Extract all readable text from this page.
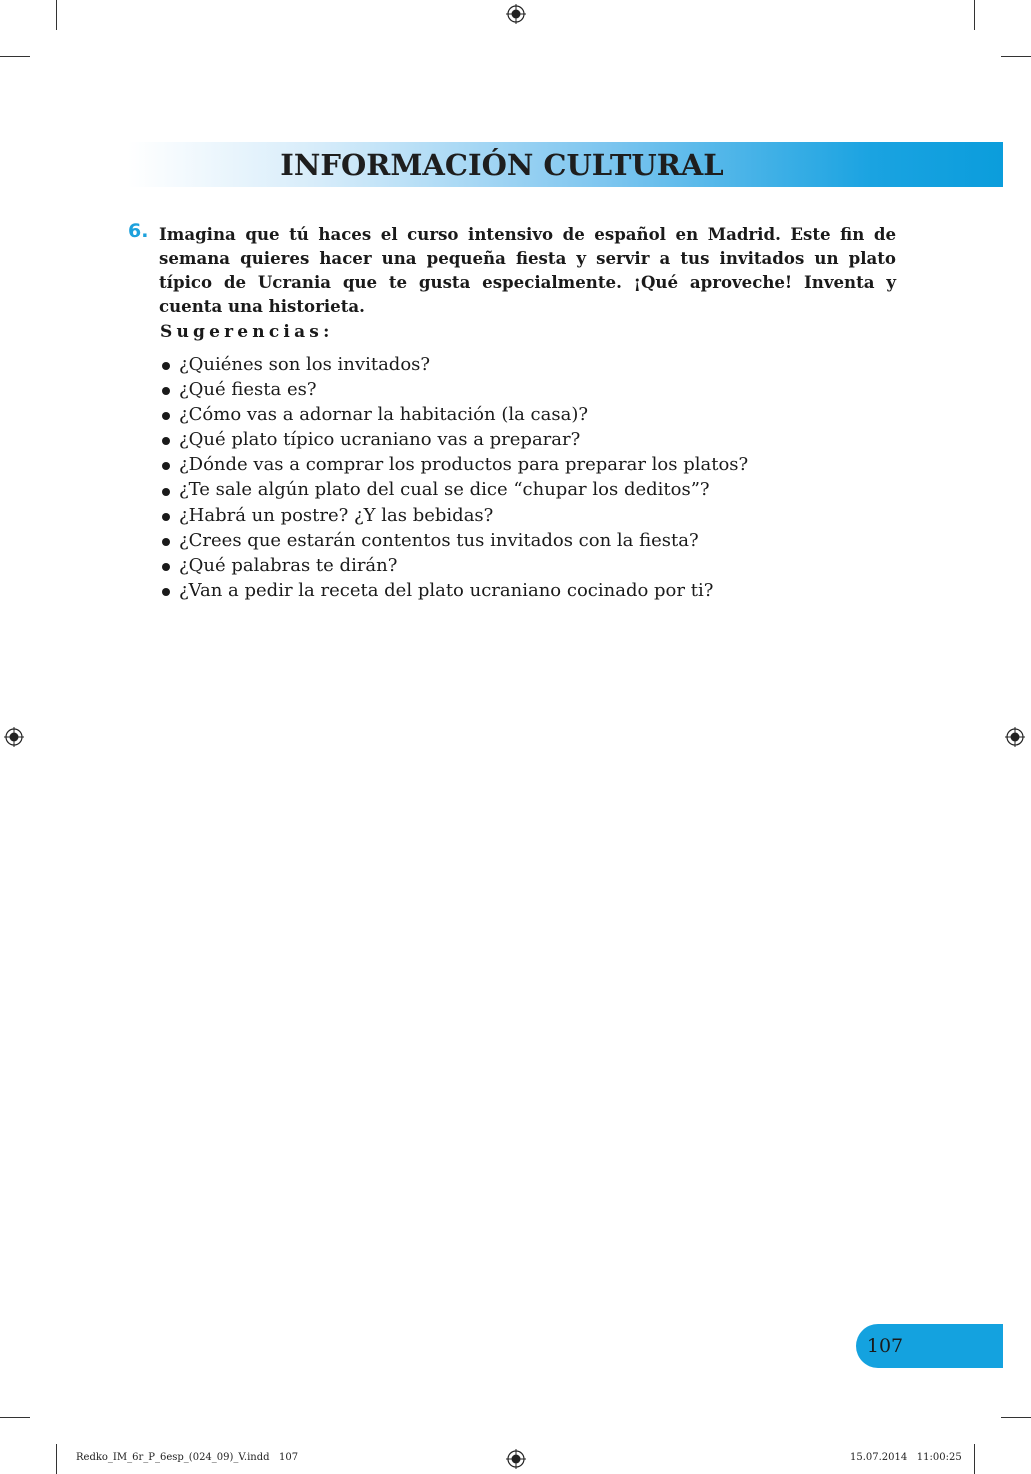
INFORMACIÓN CULTURAL
6. Imagina que tú haces el curso intensivo de español en Madrid. Este fin de semana quieres hacer una pequeña fiesta y servir a tus invitados un plato típico de Ucrania que te gusta especialmente. ¡Qué aproveche! Inventa y cuenta una historieta.
Sugerencias:
¿Quiénes son los invitados?
¿Qué fiesta es?
¿Cómo vas a adornar la habitación (la casa)?
¿Qué plato típico ucraniano vas a preparar?
¿Dónde vas a comprar los productos para preparar los platos?
¿Te sale algún plato del cual se dice “chupar los deditos”?
¿Habrá un postre? ¿Y las bebidas?
¿Crees que estarán contentos tus invitados con la fiesta?
¿Qué palabras te dirán?
¿Van a pedir la receta del plato ucraniano cocinado por ti?
107
Redko_IM_6r_P_6esp_(024_09)_V.indd   107	15.07.2014   11:00:25
